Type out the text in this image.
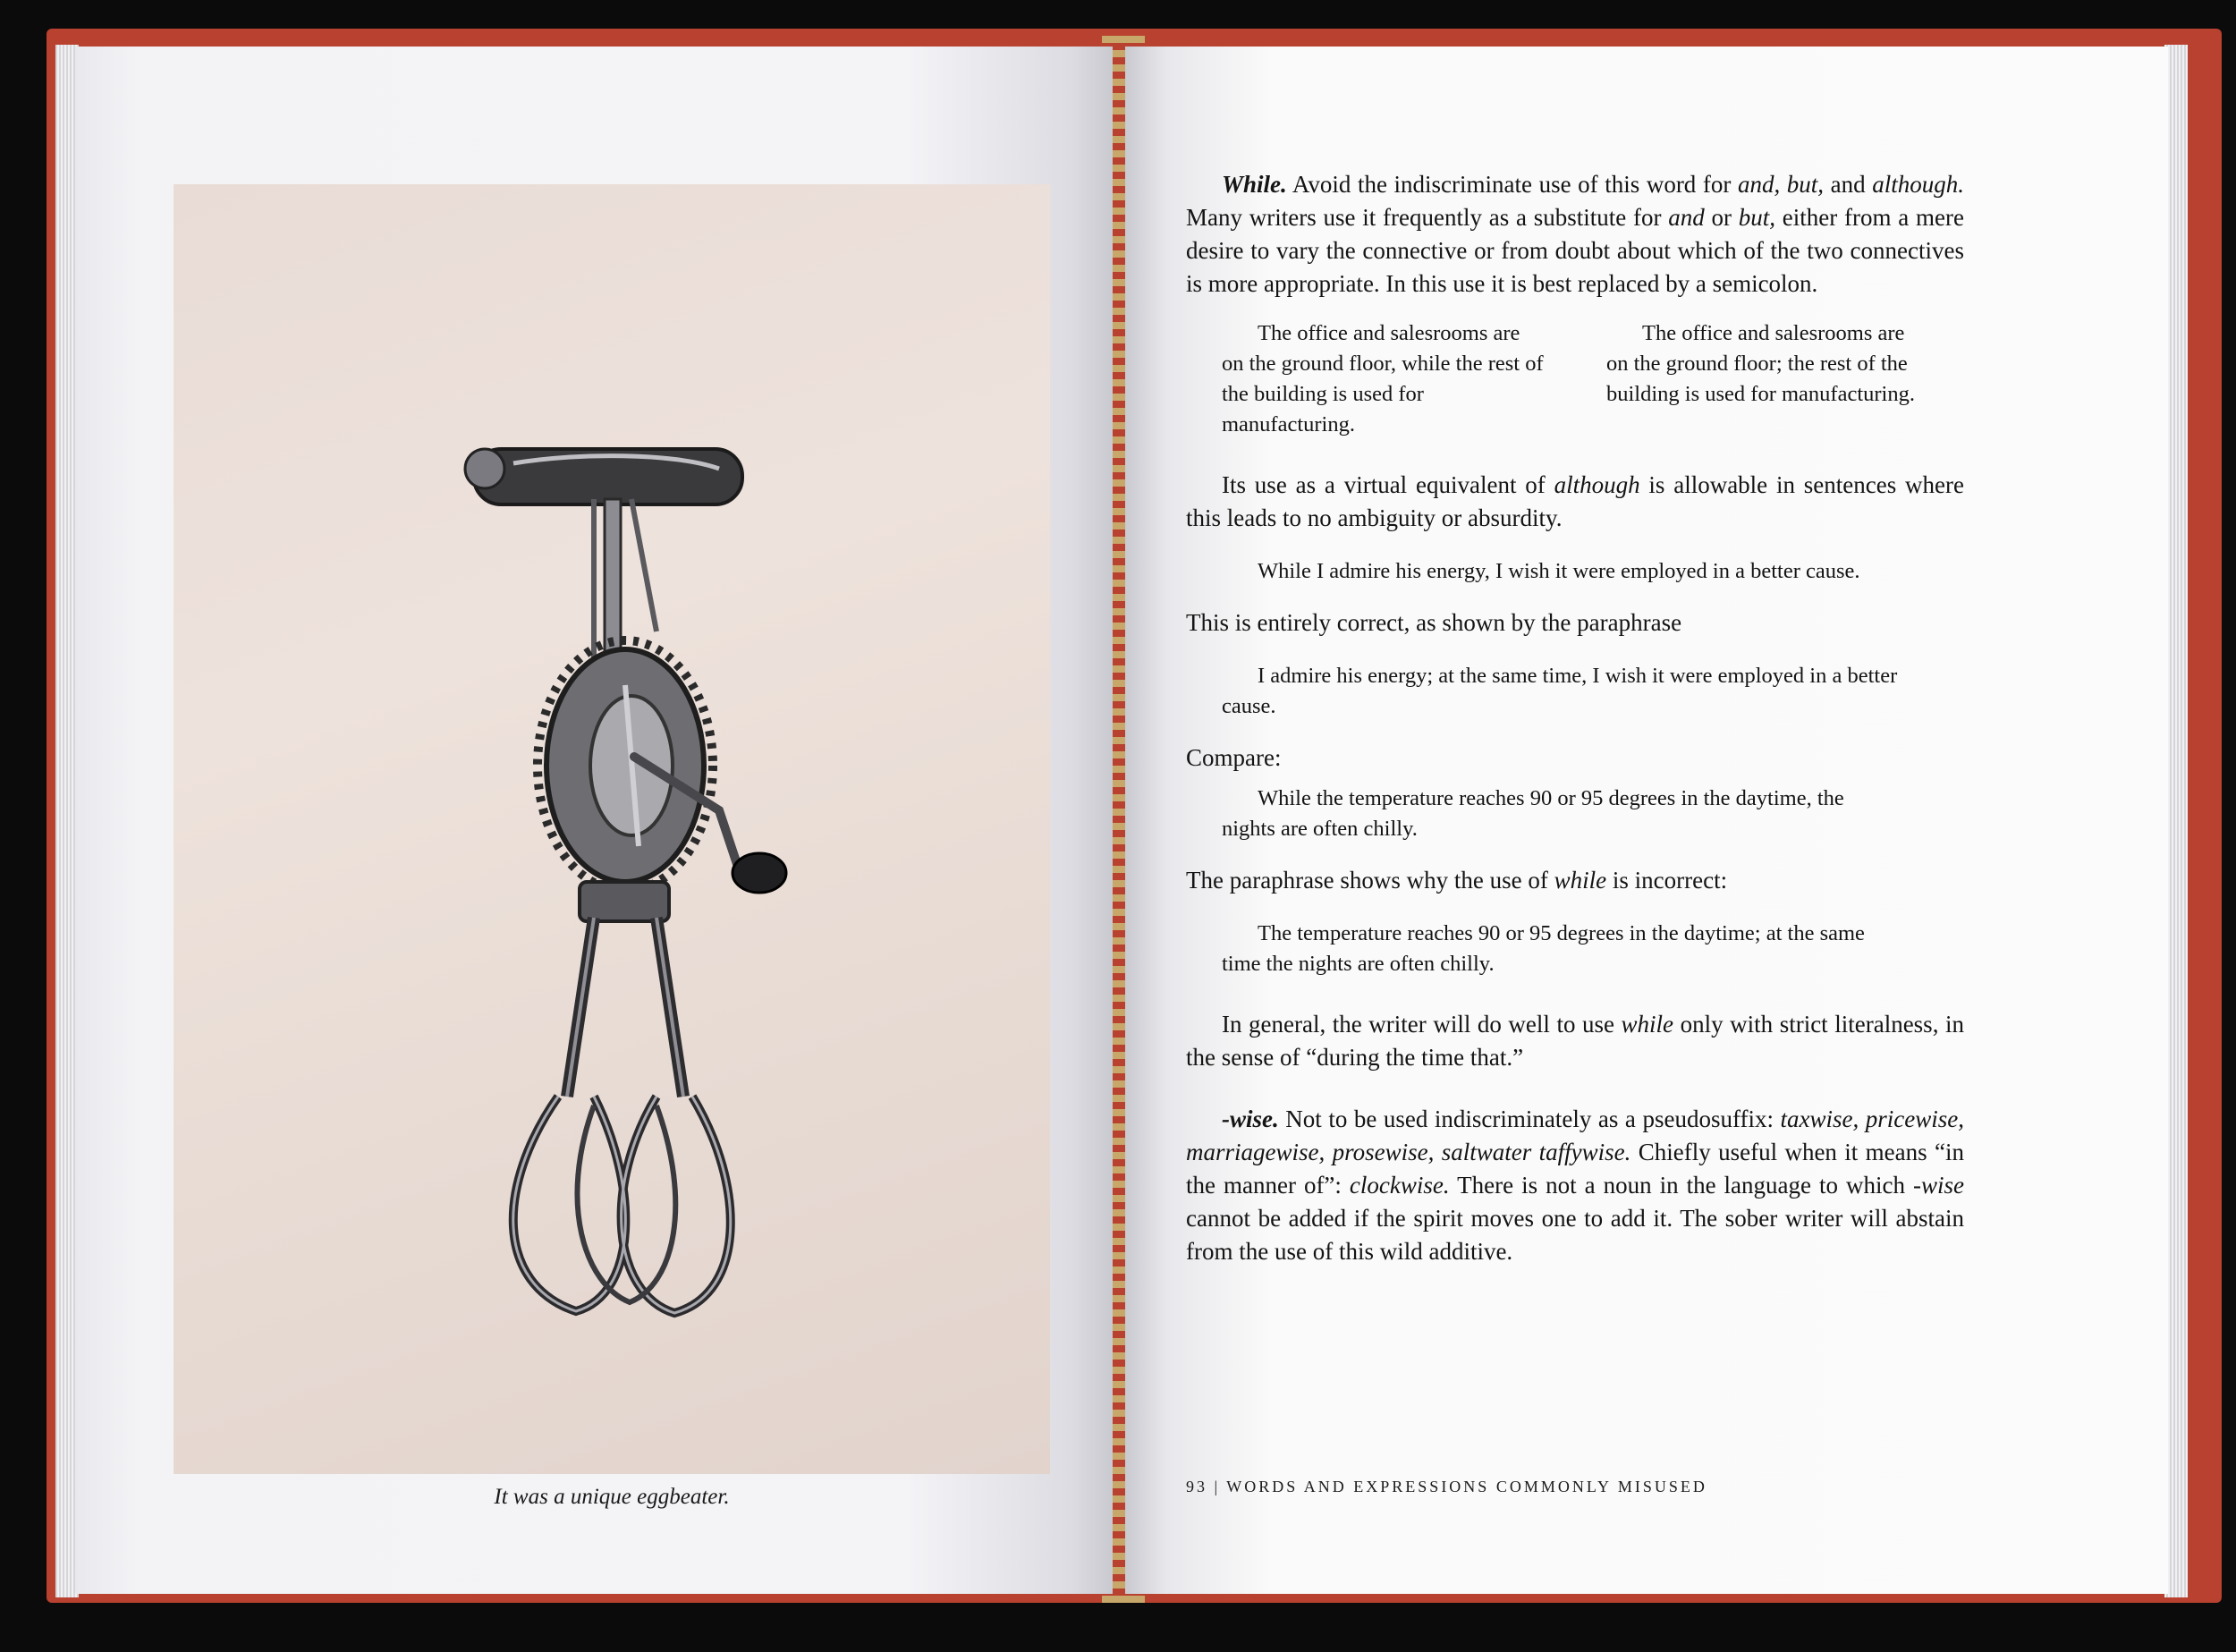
It was a unique eggbeater.

While. Avoid the indiscriminate use of this word for and, but, and although. Many writers use it frequently as a substitute for and or but, either from a mere desire to vary the connective or from doubt about which of the two connectives is more appropriate. In this use it is best replaced by a semicolon.

The office and salesrooms are on the ground floor, while the rest of the building is used for manufacturing.

The office and salesrooms are on the ground floor; the rest of the building is used for manufacturing.

Its use as a virtual equivalent of although is allowable in sentences where this leads to no ambiguity or absurdity.

While I admire his energy, I wish it were employed in a better cause.

This is entirely correct, as shown by the paraphrase

I admire his energy; at the same time, I wish it were employed in a better cause.

Compare:

While the temperature reaches 90 or 95 degrees in the daytime, the nights are often chilly.

The paraphrase shows why the use of while is incorrect:

The temperature reaches 90 or 95 degrees in the daytime; at the same time the nights are often chilly.

In general, the writer will do well to use while only with strict literalness, in the sense of “during the time that.”

-wise. Not to be used indiscriminately as a pseudosuffix: taxwise, pricewise, marriagewise, prosewise, saltwater taffywise. Chiefly useful when it means “in the manner of”: clockwise. There is not a noun in the language to which -wise cannot be added if the spirit moves one to add it. The sober writer will abstain from the use of this wild additive.

93 | WORDS AND EXPRESSIONS COMMONLY MISUSED
